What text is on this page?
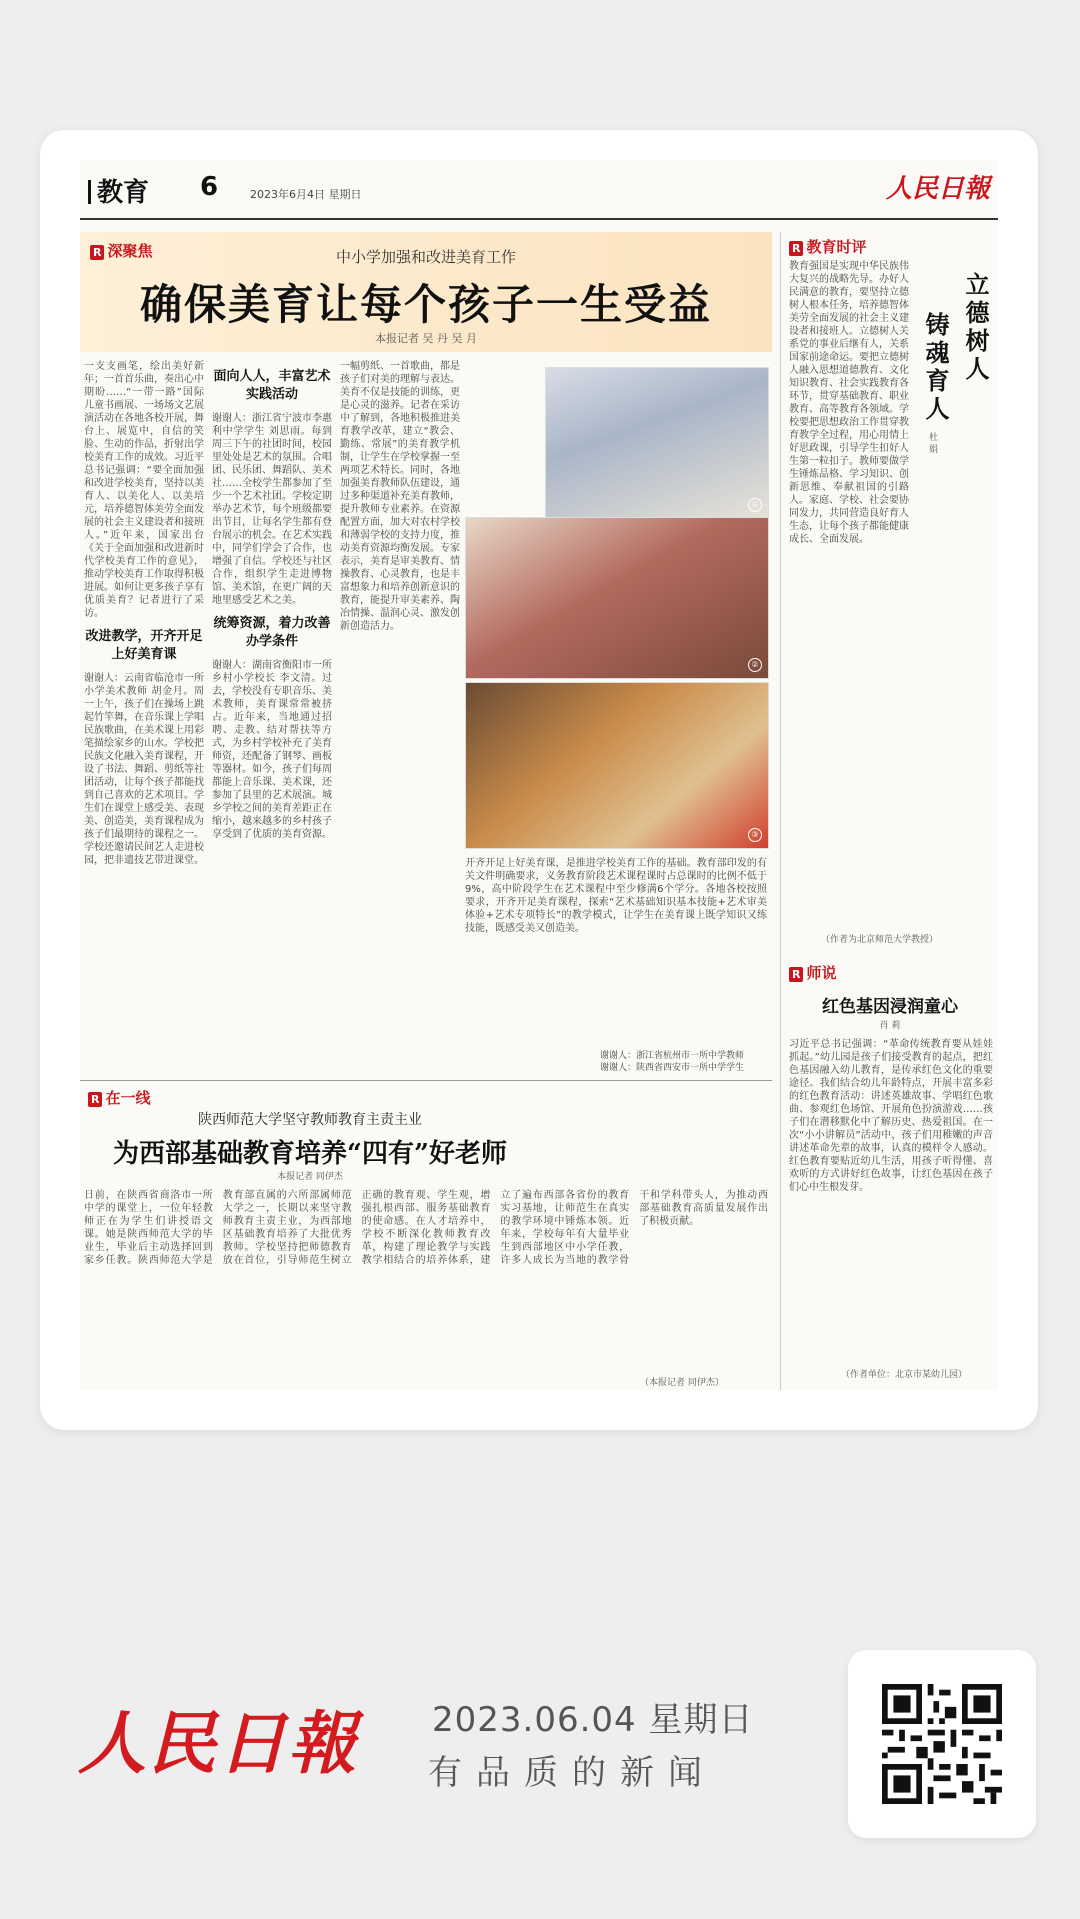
教育 6	2023年6月4日 星期日	人民日報
R 深聚焦	中小学加强和改进美育工作
确保美育让每个孩子一生受益
本报记者 吴 丹 吴 月
一支支画笔，绘出美好新年；一首首乐曲，奏出心中期盼……“一带一路”国际儿童书画展、一场场文艺展演活动在各地各校开展，舞台上、展览中，自信的笑脸、生动的作品，折射出学校美育工作的成效。习近平总书记强调：“要全面加强和改进学校美育，坚持以美育人、以美化人、以美培元，培养德智体美劳全面发展的社会主义建设者和接班人。”近年来，国家出台《关于全面加强和改进新时代学校美育工作的意见》，推动学校美育工作取得积极进展。如何让更多孩子享有优质美育？记者进行了采访。
改进教学，开齐开足上好美育课
谢谢人：云南省临沧市一所小学美术教师 胡金月。周一上午，孩子们在操场上跳起竹竿舞，在音乐课上学唱民族歌曲，在美术课上用彩笔描绘家乡的山水。学校把民族文化融入美育课程，开设了书法、舞蹈、剪纸等社团活动，让每个孩子都能找到自己喜欢的艺术项目。学生们在课堂上感受美、表现美、创造美，美育课程成为孩子们最期待的课程之一。学校还邀请民间艺人走进校园，把非遗技艺带进课堂。
面向人人，丰富艺术实践活动
谢谢人：浙江省宁波市李惠利中学学生 刘思雨。每到周三下午的社团时间，校园里处处是艺术的氛围。合唱团、民乐团、舞蹈队、美术社……全校学生都参加了至少一个艺术社团。学校定期举办艺术节，每个班级都要出节目，让每名学生都有登台展示的机会。在艺术实践中，同学们学会了合作，也增强了自信。学校还与社区合作，组织学生走进博物馆、美术馆，在更广阔的天地里感受艺术之美。
统筹资源，着力改善办学条件
谢谢人：湖南省衡阳市一所乡村小学校长 李文清。过去，学校没有专职音乐、美术教师，美育课常常被挤占。近年来，当地通过招聘、走教、结对帮扶等方式，为乡村学校补充了美育师资，还配备了钢琴、画板等器材。如今，孩子们每周都能上音乐课、美术课，还参加了县里的艺术展演。城乡学校之间的美育差距正在缩小，越来越多的乡村孩子享受到了优质的美育资源。
一幅剪纸、一首歌曲，都是孩子们对美的理解与表达。美育不仅是技能的训练，更是心灵的滋养。记者在采访中了解到，各地积极推进美育教学改革，建立“教会、勤练、常展”的美育教学机制，让学生在学校掌握一至两项艺术特长。同时，各地加强美育教师队伍建设，通过多种渠道补充美育教师，提升教师专业素养。在资源配置方面，加大对农村学校和薄弱学校的支持力度，推动美育资源均衡发展。专家表示，美育是审美教育、情操教育、心灵教育，也是丰富想象力和培养创新意识的教育，能提升审美素养、陶冶情操、温润心灵、激发创新创造活力。
①
②
③
开齐开足上好美育课，是推进学校美育工作的基础。教育部印发的有关文件明确要求，义务教育阶段艺术课程课时占总课时的比例不低于9%，高中阶段学生在艺术课程中至少修满6个学分。各地各校按照要求，开齐开足美育课程，探索“艺术基础知识基本技能+艺术审美体验+艺术专项特长”的教学模式，让学生在美育课上既学知识又练技能，既感受美又创造美。
谢谢人：浙江省杭州市一所中学教师
谢谢人：陕西省西安市一所中学学生
R 教育时评
立德树人
铸魂育人
杜 娟
教育强国是实现中华民族伟大复兴的战略先导。办好人民满意的教育，要坚持立德树人根本任务，培养德智体美劳全面发展的社会主义建设者和接班人。立德树人关系党的事业后继有人，关系国家前途命运。要把立德树人融入思想道德教育、文化知识教育、社会实践教育各环节，贯穿基础教育、职业教育、高等教育各领域。学校要把思想政治工作贯穿教育教学全过程，用心用情上好思政课，引导学生扣好人生第一粒扣子。教师要做学生锤炼品格、学习知识、创新思维、奉献祖国的引路人。家庭、学校、社会要协同发力，共同营造良好育人生态，让每个孩子都能健康成长、全面发展。
（作者为北京师范大学教授）
R 师说
红色基因浸润童心
肖 莉
习近平总书记强调：“革命传统教育要从娃娃抓起。”幼儿园是孩子们接受教育的起点，把红色基因融入幼儿教育，是传承红色文化的重要途径。我们结合幼儿年龄特点，开展丰富多彩的红色教育活动：讲述英雄故事、学唱红色歌曲、参观红色场馆、开展角色扮演游戏……孩子们在潜移默化中了解历史、热爱祖国。在一次“小小讲解员”活动中，孩子们用稚嫩的声音讲述革命先辈的故事，认真的模样令人感动。红色教育要贴近幼儿生活，用孩子听得懂、喜欢听的方式讲好红色故事，让红色基因在孩子们心中生根发芽。
（作者单位：北京市某幼儿园）
R 在一线
陕西师范大学坚守教师教育主责主业
为西部基础教育培养“四有”好老师
本报记者 同伊杰
日前，在陕西省商洛市一所中学的课堂上，一位年轻教师正在为学生们讲授语文课。她是陕西师范大学的毕业生，毕业后主动选择回到家乡任教。陕西师范大学是教育部直属的六所部属师范大学之一，长期以来坚守教师教育主责主业，为西部地区基础教育培养了大批优秀教师。学校坚持把师德教育放在首位，引导师范生树立正确的教育观、学生观，增强扎根西部、服务基础教育的使命感。在人才培养中，学校不断深化教师教育改革，构建了理论教学与实践教学相结合的培养体系，建立了遍布西部各省份的教育实习基地，让师范生在真实的教学环境中锤炼本领。近年来，学校每年有大量毕业生到西部地区中小学任教，许多人成长为当地的教学骨干和学科带头人，为推动西部基础教育高质量发展作出了积极贡献。
（本报记者 同伊杰）
人民日報 2023.06.04 星期日
有品质的新闻
